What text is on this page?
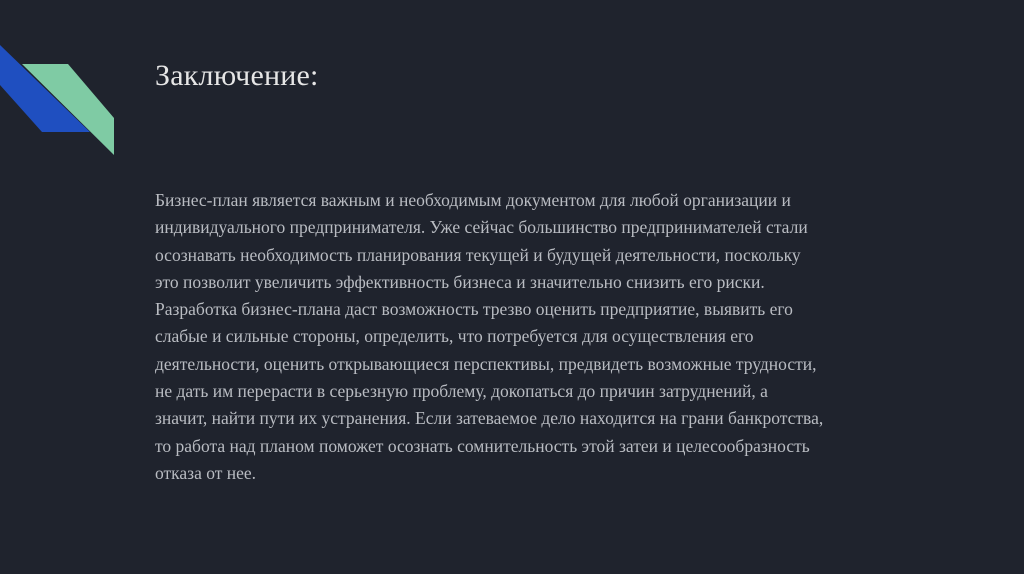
Заключение:

Бизнес-план является важным и необходимым документом для любой организации и
индивидуального предпринимателя. Уже сейчас большинство предпринимателей стали
осознавать необходимость планирования текущей и будущей деятельности, поскольку
это позволит увеличить эффективность бизнеса и значительно снизить его риски.
Разработка бизнес-плана даст возможность трезво оценить предприятие, выявить его
слабые и сильные стороны, определить, что потребуется для осуществления его
деятельности, оценить открывающиеся перспективы, предвидеть возможные трудности,
не дать им перерасти в серьезную проблему, докопаться до причин затруднений, а
значит, найти пути их устранения. Если затеваемое дело находится на грани банкротства,
то работа над планом поможет осознать сомнительность этой затеи и целесообразность
отказа от нее.
